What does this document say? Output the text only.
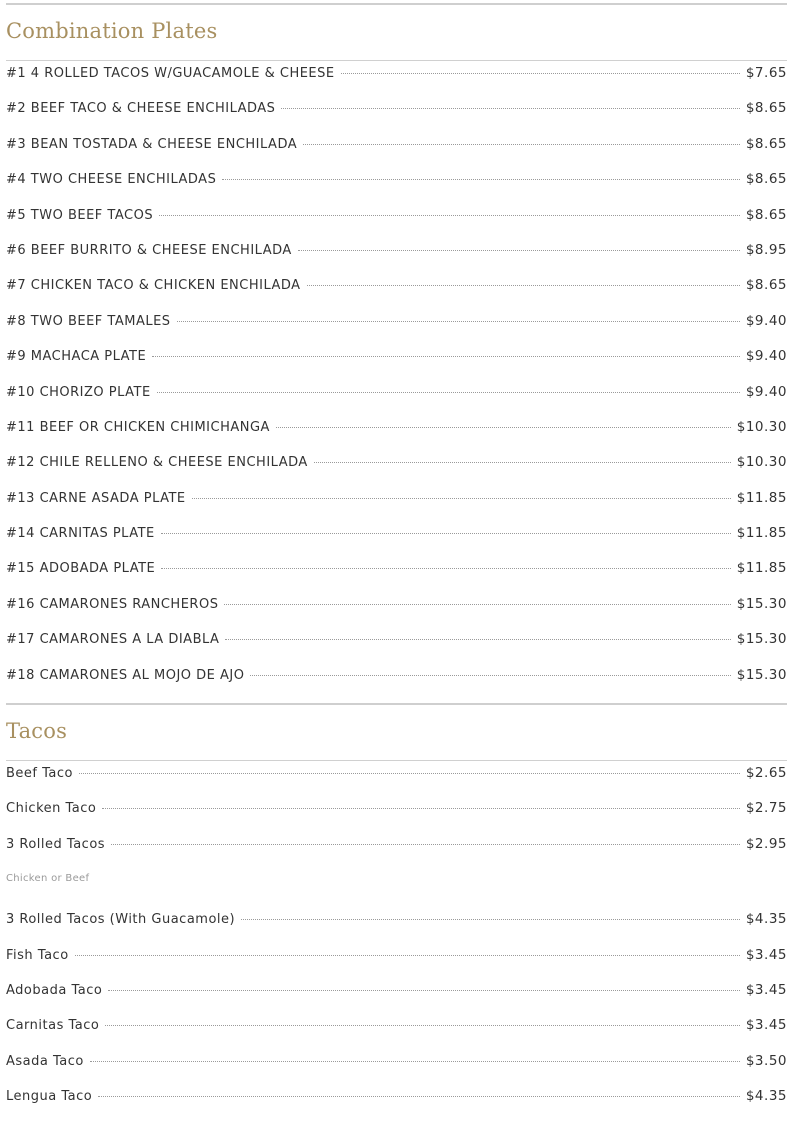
Combination Plates
#1 4 ROLLED TACOS W/GUACAMOLE & CHEESE	$7.65
#2 BEEF TACO & CHEESE ENCHILADAS	$8.65
#3 BEAN TOSTADA & CHEESE ENCHILADA	$8.65
#4 TWO CHEESE ENCHILADAS	$8.65
#5 TWO BEEF TACOS	$8.65
#6 BEEF BURRITO & CHEESE ENCHILADA	$8.95
#7 CHICKEN TACO & CHICKEN ENCHILADA	$8.65
#8 TWO BEEF TAMALES	$9.40
#9 MACHACA PLATE	$9.40
#10 CHORIZO PLATE	$9.40
#11 BEEF OR CHICKEN CHIMICHANGA	$10.30
#12 CHILE RELLENO & CHEESE ENCHILADA	$10.30
#13 CARNE ASADA PLATE	$11.85
#14 CARNITAS PLATE	$11.85
#15 ADOBADA PLATE	$11.85
#16 CAMARONES RANCHEROS	$15.30
#17 CAMARONES A LA DIABLA	$15.30
#18 CAMARONES AL MOJO DE AJO	$15.30
Tacos
Beef Taco	$2.65
Chicken Taco	$2.75
3 Rolled Tacos	$2.95
Chicken or Beef
3 Rolled Tacos (With Guacamole)	$4.35
Fish Taco	$3.45
Adobada Taco	$3.45
Carnitas Taco	$3.45
Asada Taco	$3.50
Lengua Taco	$4.35
